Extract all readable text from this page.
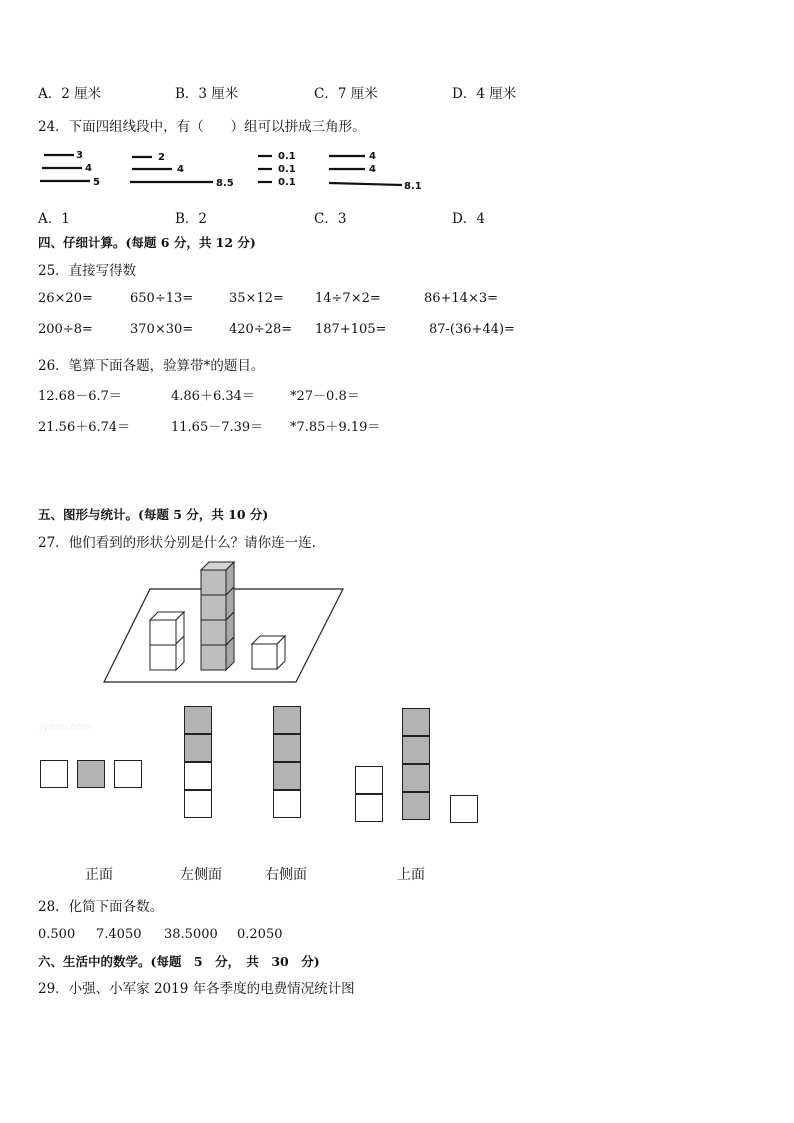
A．2 厘米	B．3 厘米	C．7 厘米	D．4 厘米
24．下面四组线段中，有（　　）组可以拼成三角形。
3
4
5
2
4
8.5
0.1
0.1
0.1
4
4
8.1
A．1	B．2	C．3	D．4
四、仔细计算。(每题 6 分，共 12 分)
25．直接写得数
26×20=	650÷13=	35×12= 14÷7×2=	86+14×3=
200÷8=	370×30=	420÷28= 187+105=	87-(36+44)=
26．笔算下面各题，验算带*的题目。
12.68－6.7＝	4.86＋6.34＝	*27－0.8＝
21.56＋6.74＝	11.65－7.39＝ *7.85＋9.19＝
五、图形与统计。(每题 5 分，共 10 分)
27．他们看到的形状分别是什么？请你连一连.
jyeoo.com
正面	左侧面	右侧面	上面
28．化简下面各数。
0.500 7.4050 38.5000 0.2050
六、生活中的数学。(每题　5　分，　共　30　分)
29．小强、小军家 2019 年各季度的电费情况统计图
